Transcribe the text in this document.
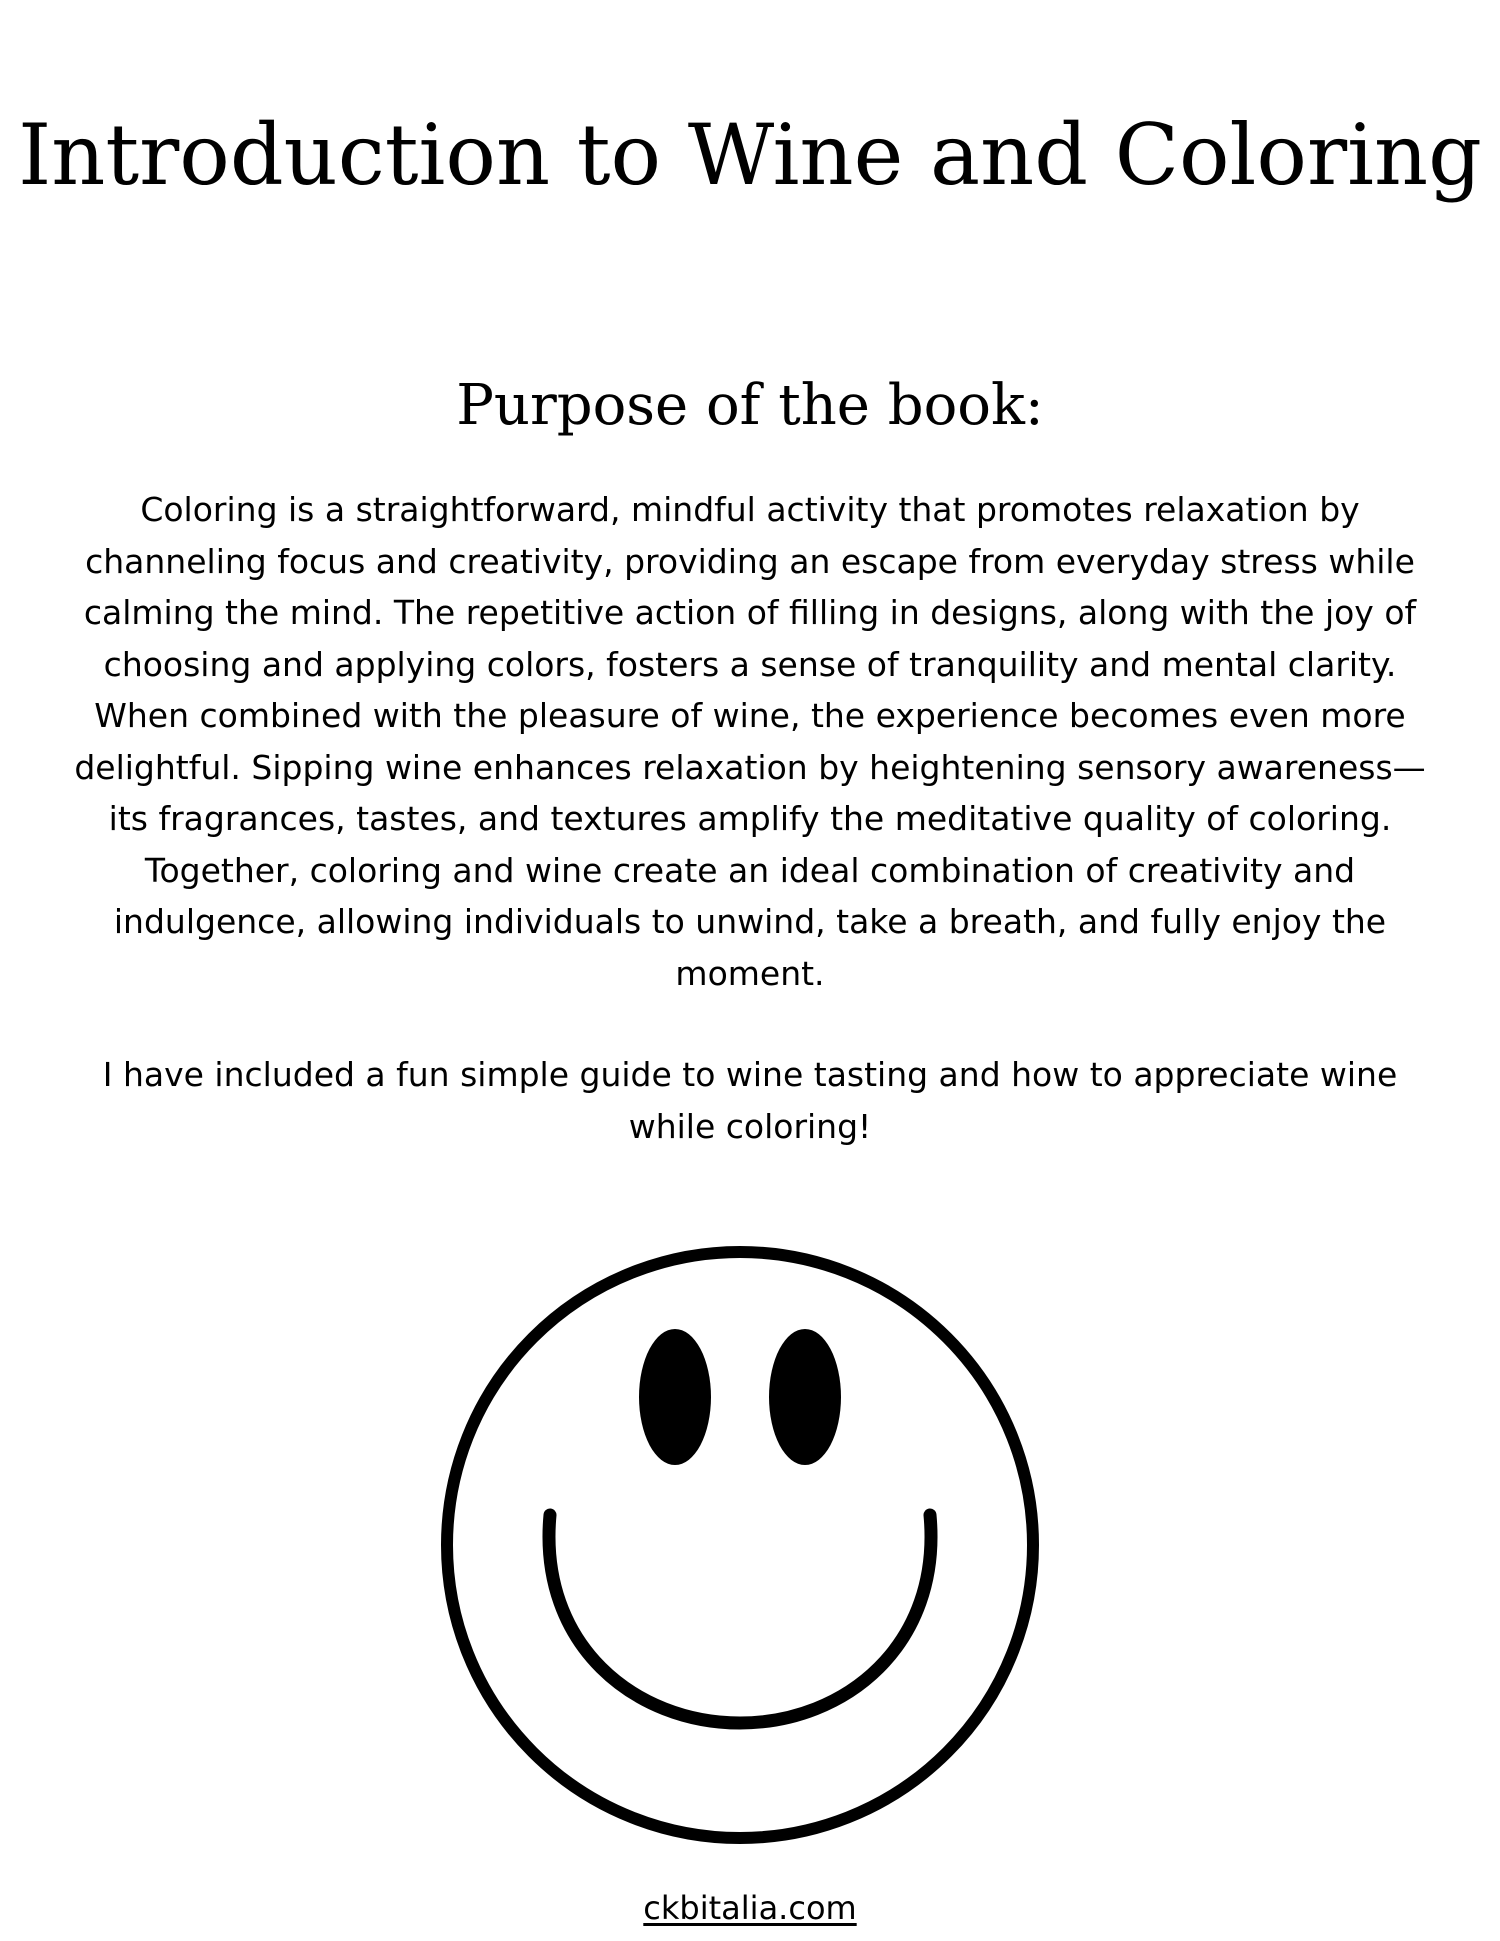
Introduction to Wine and Coloring
Purpose of the book:

Coloring is a straightforward, mindful activity that promotes relaxation by channeling focus and creativity, providing an escape from everyday stress while calming the mind. The repetitive action of filling in designs, along with the joy of choosing and applying colors, fosters a sense of tranquility and mental clarity. When combined with the pleasure of wine, the experience becomes even more delightful. Sipping wine enhances relaxation by heightening sensory awareness—its fragrances, tastes, and textures amplify the meditative quality of coloring. Together, coloring and wine create an ideal combination of creativity and indulgence, allowing individuals to unwind, take a breath, and fully enjoy the moment.

I have included a fun simple guide to wine tasting and how to appreciate wine while coloring!

ckbitalia.com
